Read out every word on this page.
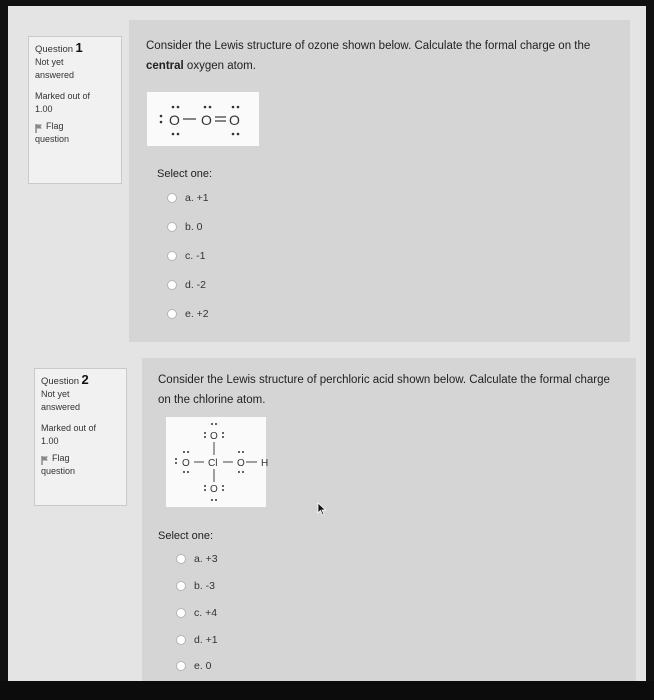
Question 1
Not yet answered
Marked out of 1.00
Flag question
Consider the Lewis structure of ozone shown below. Calculate the formal charge on the central oxygen atom.
O O O
Select one:
a. +1
b. 0
c. -1
d. -2
e. +2
Question 2
Not yet answered
Marked out of 1.00
Flag question
Consider the Lewis structure of perchloric acid shown below. Calculate the formal charge on the chlorine atom.
O
O Cl O H
O
Select one:
a. +3
b. -3
c. +4
d. +1
e. 0
